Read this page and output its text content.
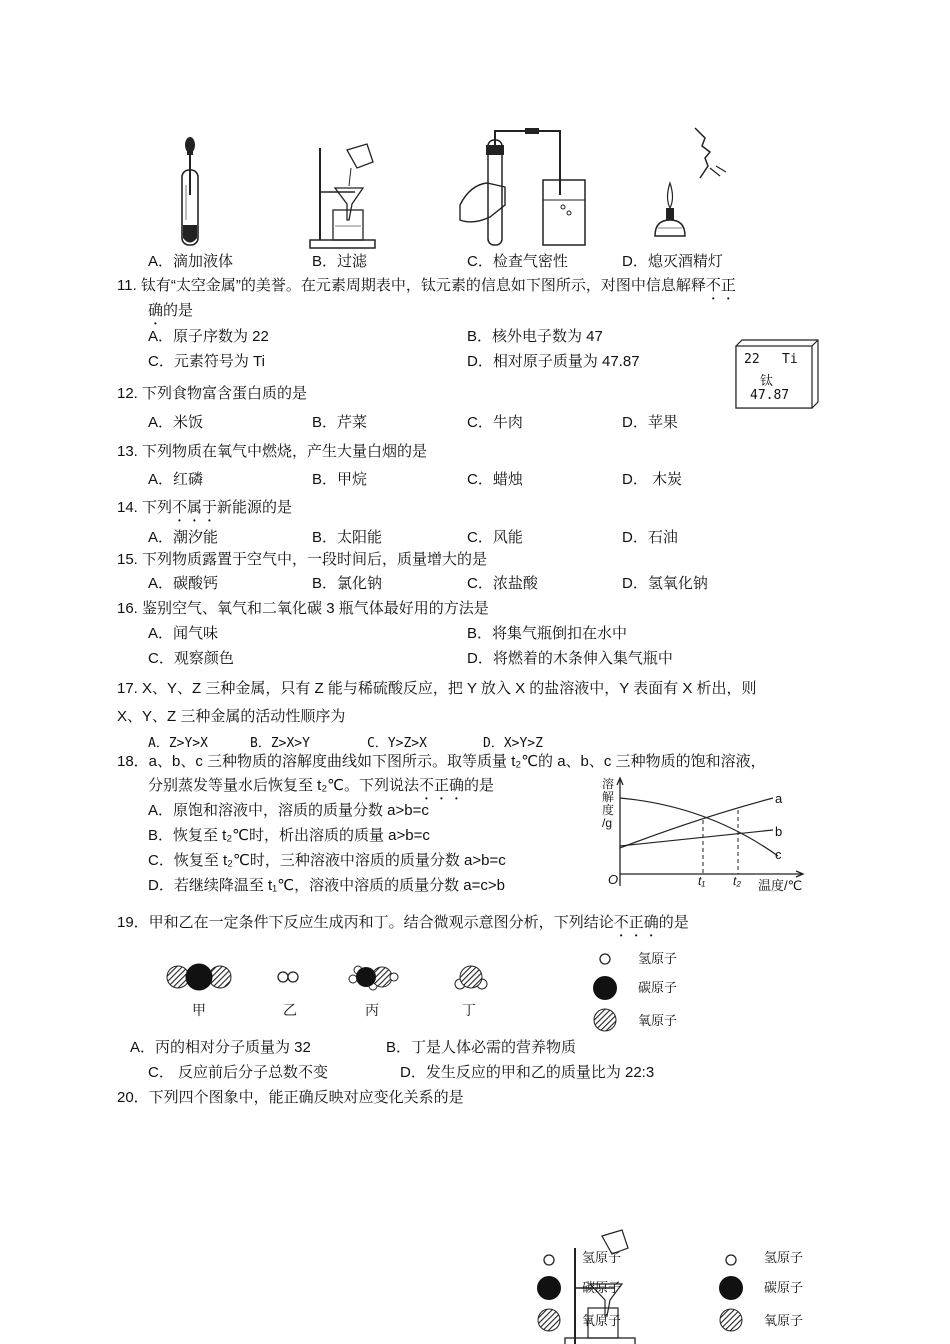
A．滴加液体	B．过滤	C．检查气密性	D．熄灭酒精灯
11. 钛有“太空金属”的美誉。在元素周期表中，钛元素的信息如下图所示，对图中信息解释不正
确的是
A．原子序数为 22	B．核外电子数为 47
C．元素符号为 Ti	D．相对原子质量为 47.87	22 Ti
钛
47.87
12. 下列食物富含蛋白质的是
A．米饭	B．芹菜	C．牛肉	D．苹果
13. 下列物质在氧气中燃烧，产生大量白烟的是
A．红磷	B．甲烷	C．蜡烛	D． 木炭
14. 下列不属于新能源的是
A．潮汐能	B．太阳能	C．风能	D．石油
15. 下列物质露置于空气中，一段时间后，质量增大的是
A．碳酸钙	B．氯化钠	C．浓盐酸	D．氢氧化钠
16. 鉴别空气、氧气和二氧化碳 3 瓶气体最好用的方法是
A．闻气味	B．将集气瓶倒扣在水中
C．观察颜色	D．将燃着的木条伸入集气瓶中
17. X、Y、Z 三种金属，只有 Z 能与稀硫酸反应，把 Y 放入 X 的盐溶液中，Y 表面有 X 析出，则
X、Y、Z 三种金属的活动性顺序为
A．Z>Y>X	B．Z>X>Y	C．Y>Z>X	D．X>Y>Z
18．a、b、c 三种物质的溶解度曲线如下图所示。取等质量 t₂℃的 a、b、c 三种物质的饱和溶液，
分别蒸发等量水后恢复至 t₂℃。下列说法不正确的是
A．原饱和溶液中，溶质的质量分数 a>b=c
B．恢复至 t₂℃时，析出溶质的质量 a>b=c
C．恢复至 t₂℃时，三种溶液中溶质的质量分数 a>b=c
D．若继续降温至 t₁℃，溶液中溶质的质量分数 a=c>b
溶
解
度
/g
O	t₁ t₂ 温度/℃
a
b
c
19．甲和乙在一定条件下反应生成丙和丁。结合微观示意图分析，下列结论不正确的是
甲	乙	丙	丁
氢原子
碳原子
氧原子
A．丙的相对分子质量为 32	B．丁是人体必需的营养物质
C． 反应前后分子总数不变	D．发生反应的甲和乙的质量比为 22:3
20．下列四个图象中，能正确反映对应变化关系的是
氢原子
碳原子
氧原子
氢原子
碳原子
氧原子
